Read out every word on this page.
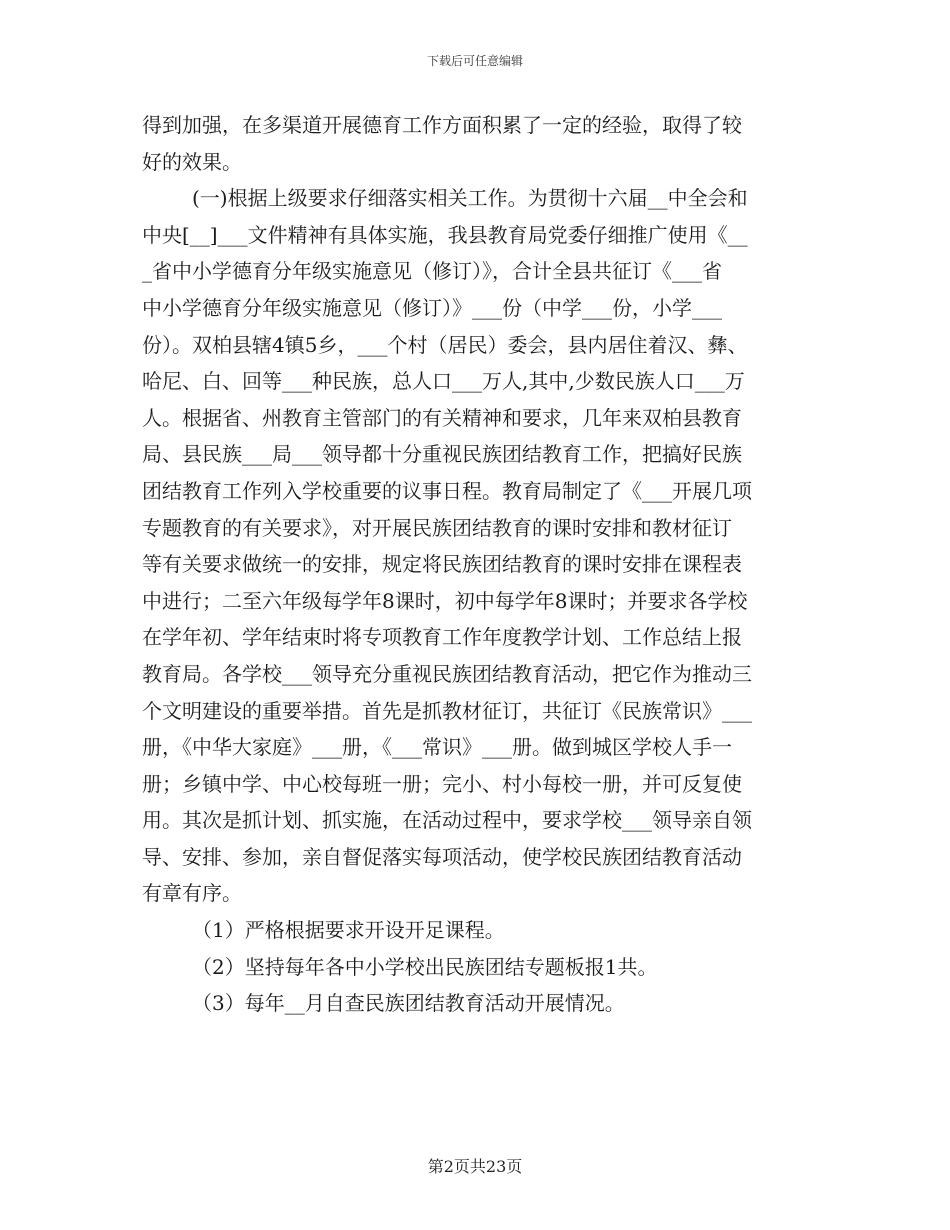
下载后可任意编辑
得到加强，在多渠道开展德育工作方面积累了一定的经验，取得了较
好的效果。
(一)根据上级要求仔细落实相关工作。为贯彻十六届__中全会和
中央[__]___文件精神有具体实施，我县教育局党委仔细推广使用《__
_省中小学德育分年级实施意见（修订）》，合计全县共征订《___省
中小学德育分年级实施意见（修订）》___份（中学___份，小学___
份）。双柏县辖4镇5乡，___个村（居民）委会，县内居住着汉、彝、
哈尼、白、回等___种民族，总人口___万人,其中,少数民族人口___万
人。根据省、州教育主管部门的有关精神和要求，几年来双柏县教育
局、县民族___局___领导都十分重视民族团结教育工作，把搞好民族
团结教育工作列入学校重要的议事日程。教育局制定了《___开展几项
专题教育的有关要求》，对开展民族团结教育的课时安排和教材征订
等有关要求做统一的安排，规定将民族团结教育的课时安排在课程表
中进行；二至六年级每学年8课时，初中每学年8课时；并要求各学校
在学年初、学年结束时将专项教育工作年度教学计划、工作总结上报
教育局。各学校___领导充分重视民族团结教育活动，把它作为推动三
个文明建设的重要举措。首先是抓教材征订，共征订《民族常识》___
册，《中华大家庭》___册，《___常识》___册。做到城区学校人手一
册；乡镇中学、中心校每班一册；完小、村小每校一册，并可反复使
用。其次是抓计划、抓实施，在活动过程中，要求学校___领导亲自领
导、安排、参加，亲自督促落实每项活动，使学校民族团结教育活动
有章有序。
（1）严格根据要求开设开足课程。
（2）坚持每年各中小学校出民族团结专题板报1共。
（3）每年__月自查民族团结教育活动开展情况。
第2页共23页
